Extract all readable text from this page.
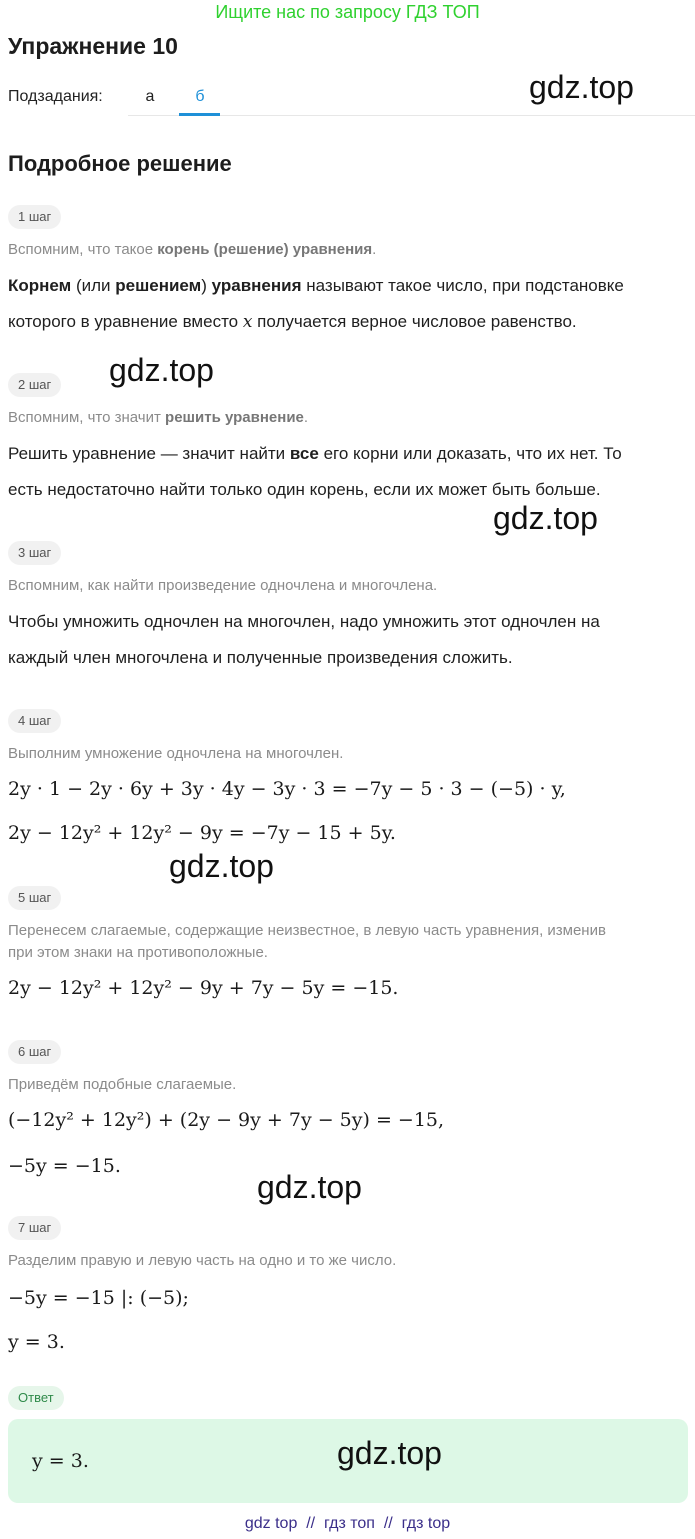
Ищите нас по запросу ГДЗ ТОП
Упражнение 10
Подзадания:	а	б	gdz.top
Подробное решение
1 шаг
Вспомним, что такое корень (решение) уравнения.
Корнем (или решением) уравнения называют такое число, при подстановке
которого в уравнение вместо x получается верное числовое равенство.
gdz.top
2 шаг
Вспомним, что значит решить уравнение.
Решить уравнение — значит найти все его корни или доказать, что их нет. То
есть недостаточно найти только один корень, если их может быть больше.
gdz.top
3 шаг
Вспомним, как найти произведение одночлена и многочлена.
Чтобы умножить одночлен на многочлен, надо умножить этот одночлен на
каждый член многочлена и полученные произведения сложить.
4 шаг
Выполним умножение одночлена на многочлен.
2y · 1 − 2y · 6y + 3y · 4y − 3y · 3 = −7y − 5 · 3 − (−5) · y,
2y − 12y² + 12y² − 9y = −7y − 15 + 5y.
gdz.top
5 шаг
Перенесем слагаемые, содержащие неизвестное, в левую часть уравнения, изменив
при этом знаки на противоположные.
2y − 12y² + 12y² − 9y + 7y − 5y = −15.
6 шаг
Приведём подобные слагаемые.
(−12y² + 12y²) + (2y − 9y + 7y − 5y) = −15,
−5y = −15.
gdz.top
7 шаг
Разделим правую и левую часть на одно и то же число.
−5y = −15 |: (−5);
y = 3.
Ответ
y = 3.	gdz.top
gdz top // гдз топ // гдз top
